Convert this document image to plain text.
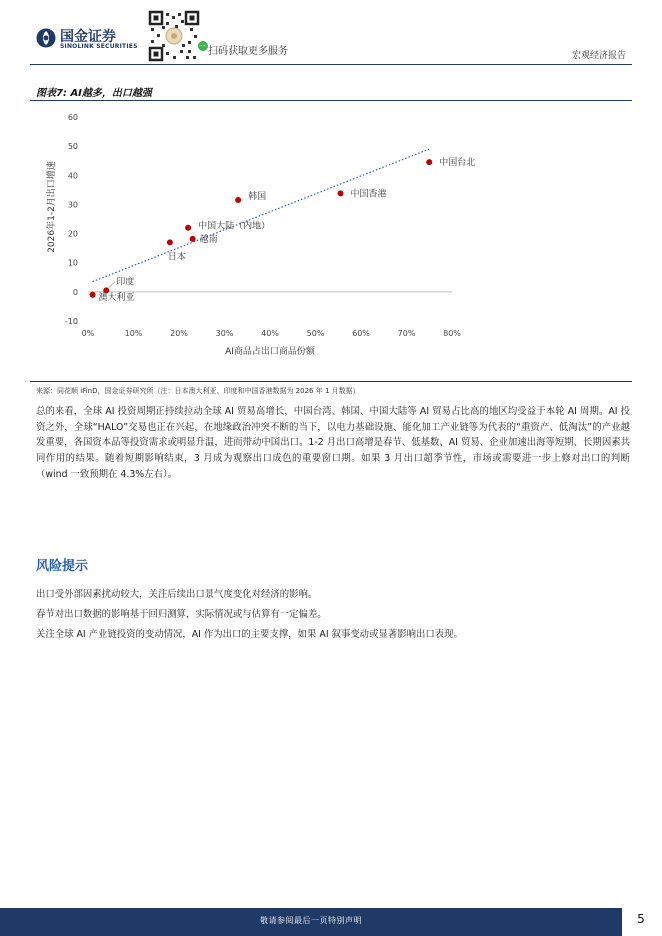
国金证券
SINOLINK SECURITIES	扫码获取更多服务	宏观经济报告
图表7: AI越多，出口越强
-10
0
10
20
30
40
50
60
0%	10%	20%	30%	40%	50%	60%	70%	80%
中国台北
中国香港
韩国
中国大陆（内地）
越南
日本
印度
澳大利亚
AI商品占出口商品份额
2026年1-2月出口增速
来源：同花顺 iFinD，国金证券研究所（注：日本澳大利亚、印度和中国香港数据为 2026 年 1 月数据）
总的来看，全球 AI 投资周期正持续拉动全球 AI 贸易高增长，中国台湾、韩国、中国大陆等 AI 贸易占比高的地区均受益于本轮 AI 周期。AI 投资之外，全球“HALO”交易也正在兴起，在地缘政治冲突不断的当下，以电力基础设施、能化加工产业链等为代表的“重资产、低淘汰”的产业越发重要，各国资本品等投资需求或明显升温，进而带动中国出口。1-2 月出口高增是春节、低基数、AI 贸易、企业加速出海等短期、长期因素共同作用的结果。随着短期影响结束，3 月成为观察出口成色的重要窗口期。如果 3 月出口超季节性，市场或需要进一步上修对出口的判断（wind 一致预期在 4.3%左右）。
风险提示
出口受外部因素扰动较大，关注后续出口景气度变化对经济的影响。
春节对出口数据的影响基于回归测算，实际情况或与估算有一定偏差。
关注全球 AI 产业链投资的变动情况，AI 作为出口的主要支撑，如果 AI 叙事变动或显著影响出口表现。
敬请参阅最后一页特别声明	5
